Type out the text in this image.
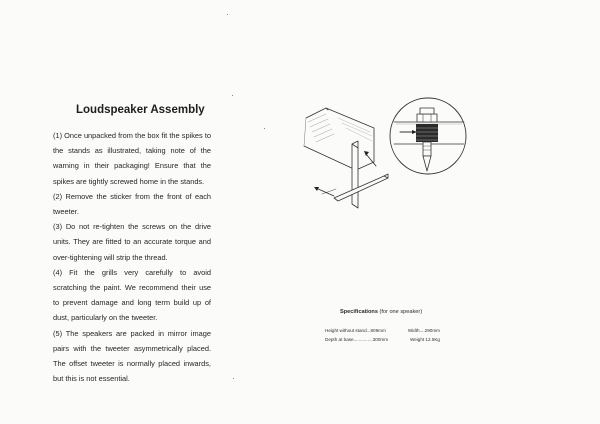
Loudspeaker Assembly

(1) Once unpacked from the box fit the spikes to the stands as illustrated, taking note of the warning in their packaging! Ensure that the spikes are tightly screwed home in the stands.

(2) Remove the sticker from the front of each tweeter.

(3) Do not re-tighten the screws on the drive units. They are fitted to an accurate torque and over-tightening will strip the thread.

(4) Fit the grills very carefully to avoid scratching the paint. We recommend their use to prevent damage and long term build up of dust, particularly on the tweeter.

(5) The speakers are packed in mirror image pairs with the tweeter asymmetrically placed. The offset tweeter is normally placed inwards, but this is not essential.

Specifications (for one speaker)
Height without stand...809mm	Width....290mm
Depth at base...............300mm	Weight 12.5Kg
